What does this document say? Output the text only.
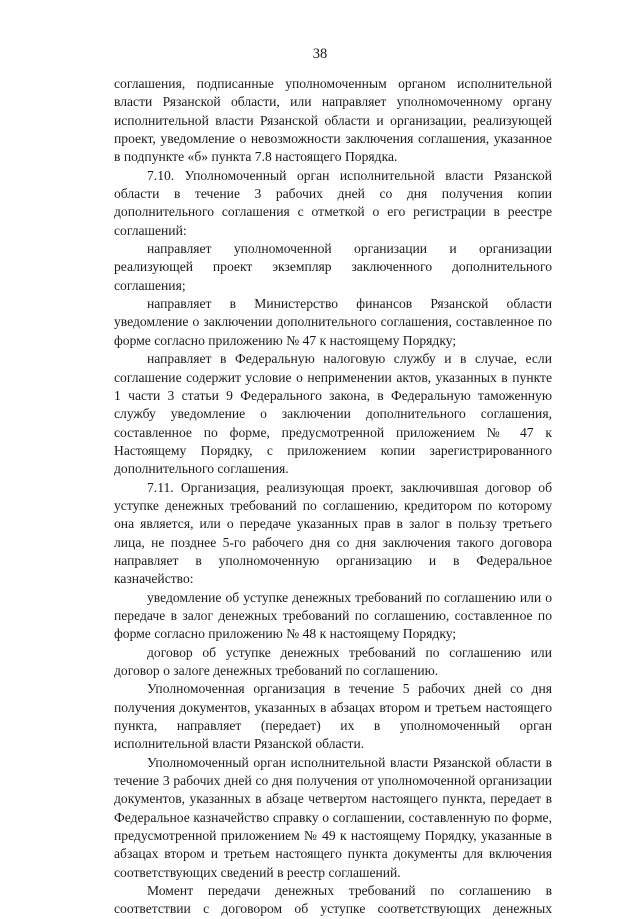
38

соглашения, подписанные уполномоченным органом исполнительной власти Рязанской области, или направляет уполномоченному органу исполнительной власти Рязанской области и организации, реализующей проект, уведомление о невозможности заключения соглашения, указанное в подпункте «б» пункта 7.8 настоящего Порядка.

7.10. Уполномоченный орган исполнительной власти Рязанской области в течение 3 рабочих дней со дня получения копии дополнительного соглашения с отметкой о его регистрации в реестре соглашений:

направляет уполномоченной организации и организации реализующей проект экземпляр заключенного дополнительного соглашения;

направляет в Министерство финансов Рязанской области уведомление о заключении дополнительного соглашения, составленное по форме согласно приложению № 47 к настоящему Порядку;

направляет в Федеральную налоговую службу и в случае, если соглашение содержит условие о неприменении актов, указанных в пункте 1 части 3 статьи 9 Федерального закона, в Федеральную таможенную службу уведомление о заключении дополнительного соглашения, составленное по форме, предусмотренной приложением № 47 к Настоящему Порядку, с приложением копии зарегистрированного дополнительного соглашения.

7.11. Организация, реализующая проект, заключившая договор об уступке денежных требований по соглашению, кредитором по которому она является, или о передаче указанных прав в залог в пользу третьего лица, не позднее 5-го рабочего дня со дня заключения такого договора направляет в уполномоченную организацию и в Федеральное казначейство:

уведомление об уступке денежных требований по соглашению или о передаче в залог денежных требований по соглашению, составленное по форме согласно приложению № 48 к настоящему Порядку;

договор об уступке денежных требований по соглашению или договор о залоге денежных требований по соглашению.

Уполномоченная организация в течение 5 рабочих дней со дня получения документов, указанных в абзацах втором и третьем настоящего пункта, направляет (передает) их в уполномоченный орган исполнительной власти Рязанской области.

Уполномоченный орган исполнительной власти Рязанской области в течение 3 рабочих дней со дня получения от уполномоченной организации документов, указанных в абзаце четвертом настоящего пункта, передает в Федеральное казначейство справку о соглашении, составленную по форме, предусмотренной приложением № 49 к настоящему Порядку, указанные в абзацах втором и третьем настоящего пункта документы для включения соответствующих сведений в реестр соглашений.

Момент передачи денежных требований по соглашению в соответствии с договором об уступке соответствующих денежных
